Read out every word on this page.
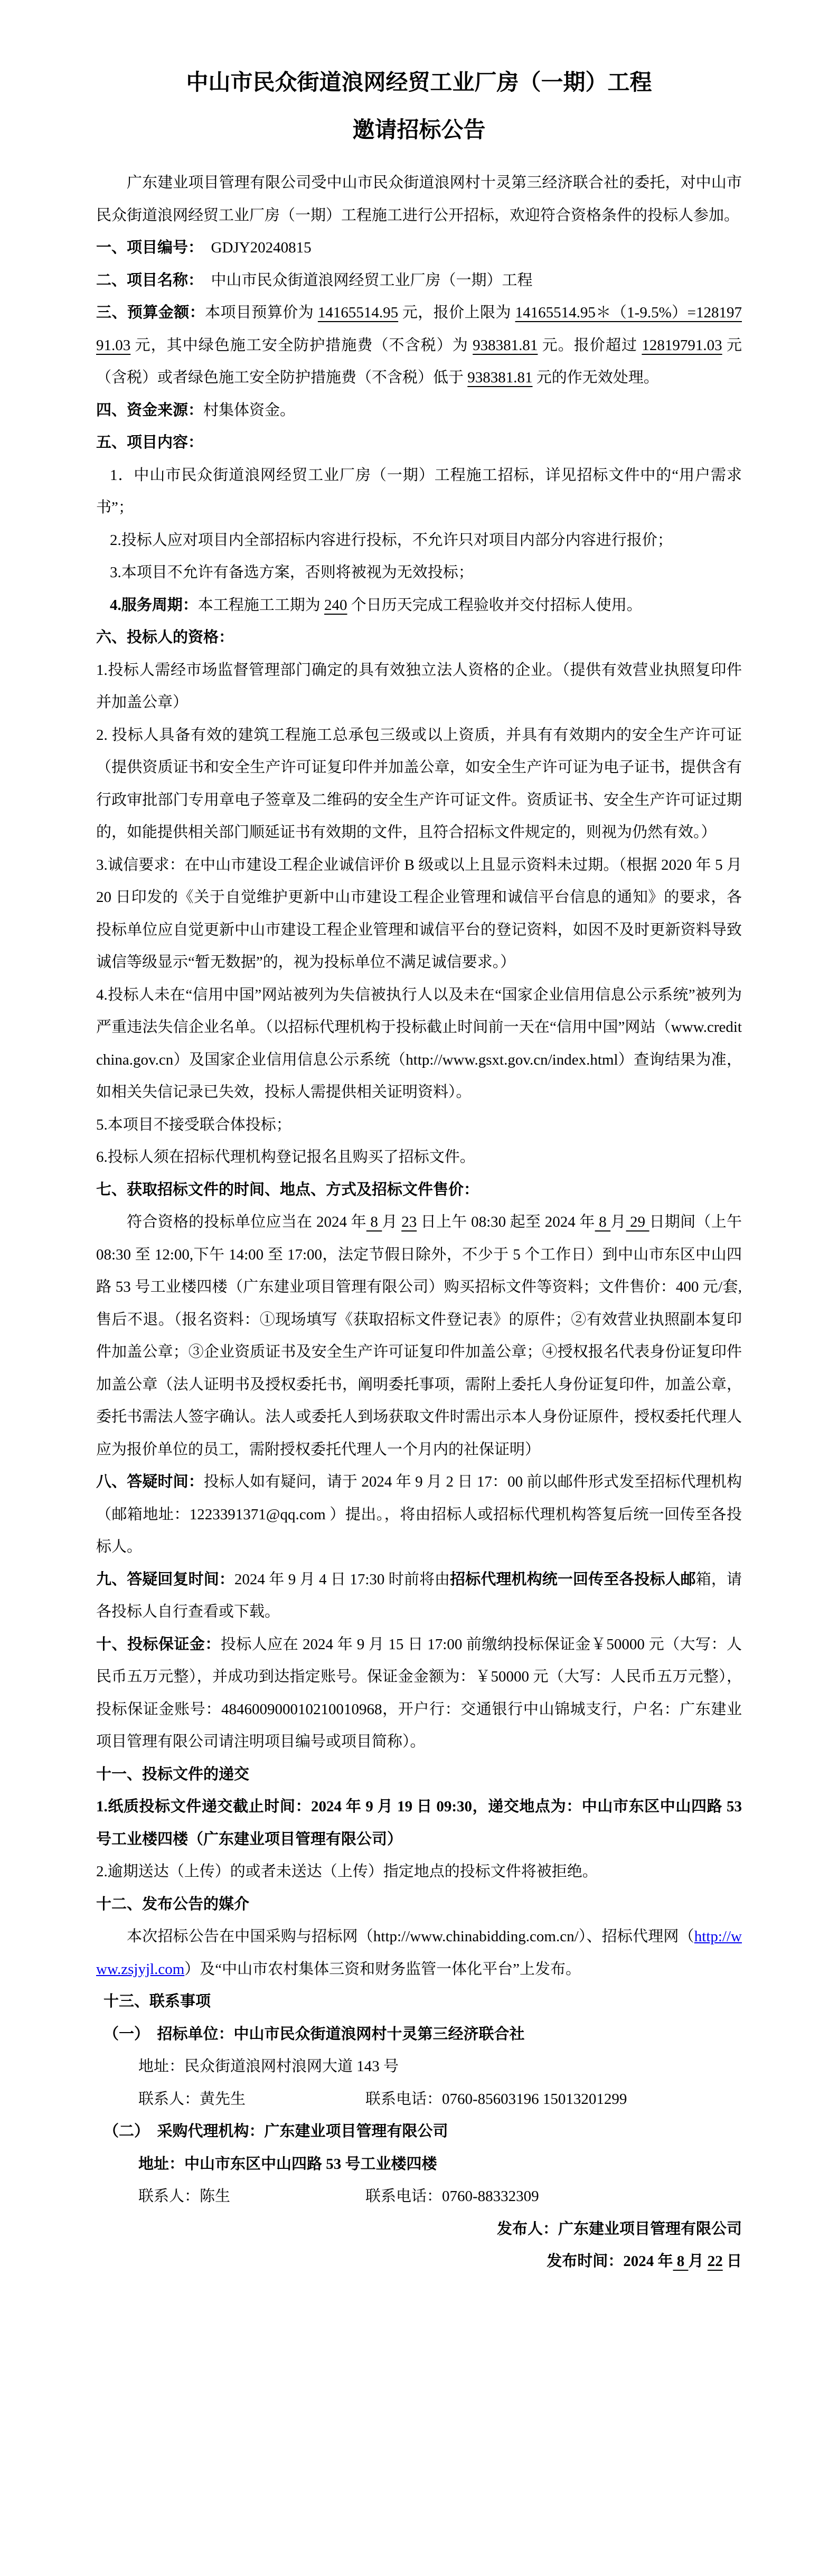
中山市民众街道浪网经贸工业厂房（一期）工程
邀请招标公告

广东建业项目管理有限公司受中山市民众街道浪网村十灵第三经济联合社的委托，对中山市民众街道浪网经贸工业厂房（一期）工程施工进行公开招标，欢迎符合资格条件的投标人参加。

一、项目编号：　GDJY20240815

二、项目名称：　中山市民众街道浪网经贸工业厂房（一期）工程

三、预算金额：本项目预算价为 14165514.95 元，报价上限为 14165514.95＊（1-9.5%）=12819791.03 元，其中绿色施工安全防护措施费（不含税）为 938381.81 元。报价超过 12819791.03 元（含税）或者绿色施工安全防护措施费（不含税）低于 938381.81 元的作无效处理。

四、资金来源：村集体资金。

五、项目内容：

1．中山市民众街道浪网经贸工业厂房（一期）工程施工招标，详见招标文件中的“用户需求书”；

2.投标人应对项目内全部招标内容进行投标，不允许只对项目内部分内容进行报价；

3.本项目不允许有备选方案，否则将被视为无效投标；

4.服务周期：本工程施工工期为 240 个日历天完成工程验收并交付招标人使用。

六、投标人的资格：

1.投标人需经市场监督管理部门确定的具有效独立法人资格的企业。（提供有效营业执照复印件并加盖公章）

2. 投标人具备有效的建筑工程施工总承包三级或以上资质，并具有有效期内的安全生产许可证（提供资质证书和安全生产许可证复印件并加盖公章，如安全生产许可证为电子证书，提供含有行政审批部门专用章电子签章及二维码的安全生产许可证文件。资质证书、安全生产许可证过期的，如能提供相关部门顺延证书有效期的文件，且符合招标文件规定的，则视为仍然有效。）

3.诚信要求：在中山市建设工程企业诚信评价 B 级或以上且显示资料未过期。（根据 2020 年 5 月 20 日印发的《关于自觉维护更新中山市建设工程企业管理和诚信平台信息的通知》的要求，各投标单位应自觉更新中山市建设工程企业管理和诚信平台的登记资料，如因不及时更新资料导致诚信等级显示“暂无数据”的，视为投标单位不满足诚信要求。）

4.投标人未在“信用中国”网站被列为失信被执行人以及未在“国家企业信用信息公示系统”被列为严重违法失信企业名单。（以招标代理机构于投标截止时间前一天在“信用中国”网站（www.creditchina.gov.cn）及国家企业信用信息公示系统（http://www.gsxt.gov.cn/index.html）查询结果为准，如相关失信记录已失效，投标人需提供相关证明资料）。

5.本项目不接受联合体投标；

6.投标人须在招标代理机构登记报名且购买了招标文件。

七、获取招标文件的时间、地点、方式及招标文件售价：

符合资格的投标单位应当在 2024 年 8 月 23 日上午 08:30 起至 2024 年 8 月 29 日期间（上午 08:30 至 12:00,下午 14:00 至 17:00，法定节假日除外，不少于 5 个工作日）到中山市东区中山四路 53 号工业楼四楼（广东建业项目管理有限公司）购买招标文件等资料；文件售价：400 元/套,售后不退。（报名资料：①现场填写《获取招标文件登记表》的原件；②有效营业执照副本复印件加盖公章；③企业资质证书及安全生产许可证复印件加盖公章；④授权报名代表身份证复印件加盖公章（法人证明书及授权委托书，阐明委托事项，需附上委托人身份证复印件，加盖公章，委托书需法人签字确认。法人或委托人到场获取文件时需出示本人身份证原件，授权委托代理人应为报价单位的员工，需附授权委托代理人一个月内的社保证明）

八、答疑时间：投标人如有疑问，请于 2024 年 9 月 2 日 17：00 前以邮件形式发至招标代理机构（邮箱地址：1223391371@qq.com ）提出。，将由招标人或招标代理机构答复后统一回传至各投标人。

九、答疑回复时间：2024 年 9 月 4 日 17:30 时前将由招标代理机构统一回传至各投标人邮箱，请各投标人自行查看或下载。

十、投标保证金：投标人应在 2024 年 9 月 15 日 17:00 前缴纳投标保证金￥50000 元（大写：人民币五万元整），并成功到达指定账号。保证金金额为：￥50000 元（大写：人民币五万元整），投标保证金账号：484600900010210010968，开户行：交通银行中山锦城支行，户名：广东建业项目管理有限公司请注明项目编号或项目简称）。

十一、投标文件的递交

1.纸质投标文件递交截止时间：2024 年 9 月 19 日 09:30，递交地点为：中山市东区中山四路 53 号工业楼四楼（广东建业项目管理有限公司）

2.逾期送达（上传）的或者未送达（上传）指定地点的投标文件将被拒绝。

十二、发布公告的媒介

本次招标公告在中国采购与招标网（http://www.chinabidding.com.cn/）、招标代理网（http://www.zsjyjl.com）及“中山市农村集体三资和财务监管一体化平台”上发布。

十三、联系事项

（一）　招标单位：中山市民众街道浪网村十灵第三经济联合社

地址：民众街道浪网村浪网大道 143 号

联系人：黄先生	联系电话：0760-85603196 15013201299

（二）　采购代理机构：广东建业项目管理有限公司

地址：中山市东区中山四路 53 号工业楼四楼

联系人：陈生	联系电话：0760-88332309

发布人：广东建业项目管理有限公司

发布时间：2024 年 8 月 22 日
